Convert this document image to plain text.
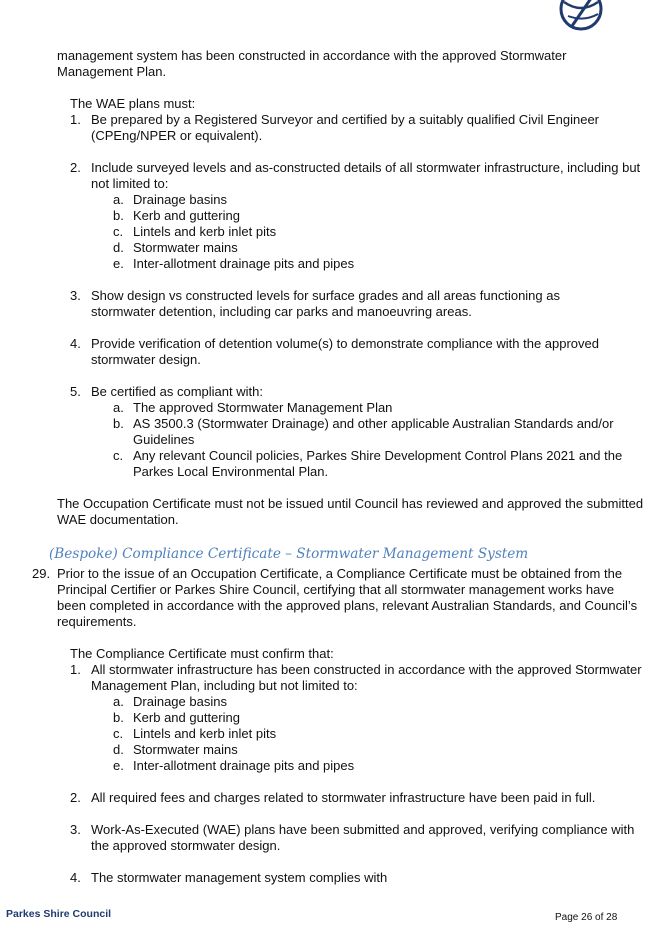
management system has been constructed in accordance with the approved Stormwater
Management Plan.
The WAE plans must:
1. Be prepared by a Registered Surveyor and certified by a suitably qualified Civil Engineer
(CPEng/NPER or equivalent).
2. Include surveyed levels and as-constructed details of all stormwater infrastructure, including but
not limited to:
a. Drainage basins
b. Kerb and guttering
c. Lintels and kerb inlet pits
d. Stormwater mains
e. Inter-allotment drainage pits and pipes
3. Show design vs constructed levels for surface grades and all areas functioning as
stormwater detention, including car parks and manoeuvring areas.
4. Provide verification of detention volume(s) to demonstrate compliance with the approved
stormwater design.
5. Be certified as compliant with:
a. The approved Stormwater Management Plan
b. AS 3500.3 (Stormwater Drainage) and other applicable Australian Standards and/or
Guidelines
c. Any relevant Council policies, Parkes Shire Development Control Plans 2021 and the
Parkes Local Environmental Plan.
The Occupation Certificate must not be issued until Council has reviewed and approved the submitted
WAE documentation.
(Bespoke) Compliance Certificate – Stormwater Management System
29. Prior to the issue of an Occupation Certificate, a Compliance Certificate must be obtained from the
Principal Certifier or Parkes Shire Council, certifying that all stormwater management works have
been completed in accordance with the approved plans, relevant Australian Standards, and Council’s
requirements.
The Compliance Certificate must confirm that:
1. All stormwater infrastructure has been constructed in accordance with the approved Stormwater
Management Plan, including but not limited to:
a. Drainage basins
b. Kerb and guttering
c. Lintels and kerb inlet pits
d. Stormwater mains
e. Inter-allotment drainage pits and pipes
2. All required fees and charges related to stormwater infrastructure have been paid in full.
3. Work-As-Executed (WAE) plans have been submitted and approved, verifying compliance with
the approved stormwater design.
4. The stormwater management system complies with
Parkes Shire Council	Page 26 of 28
